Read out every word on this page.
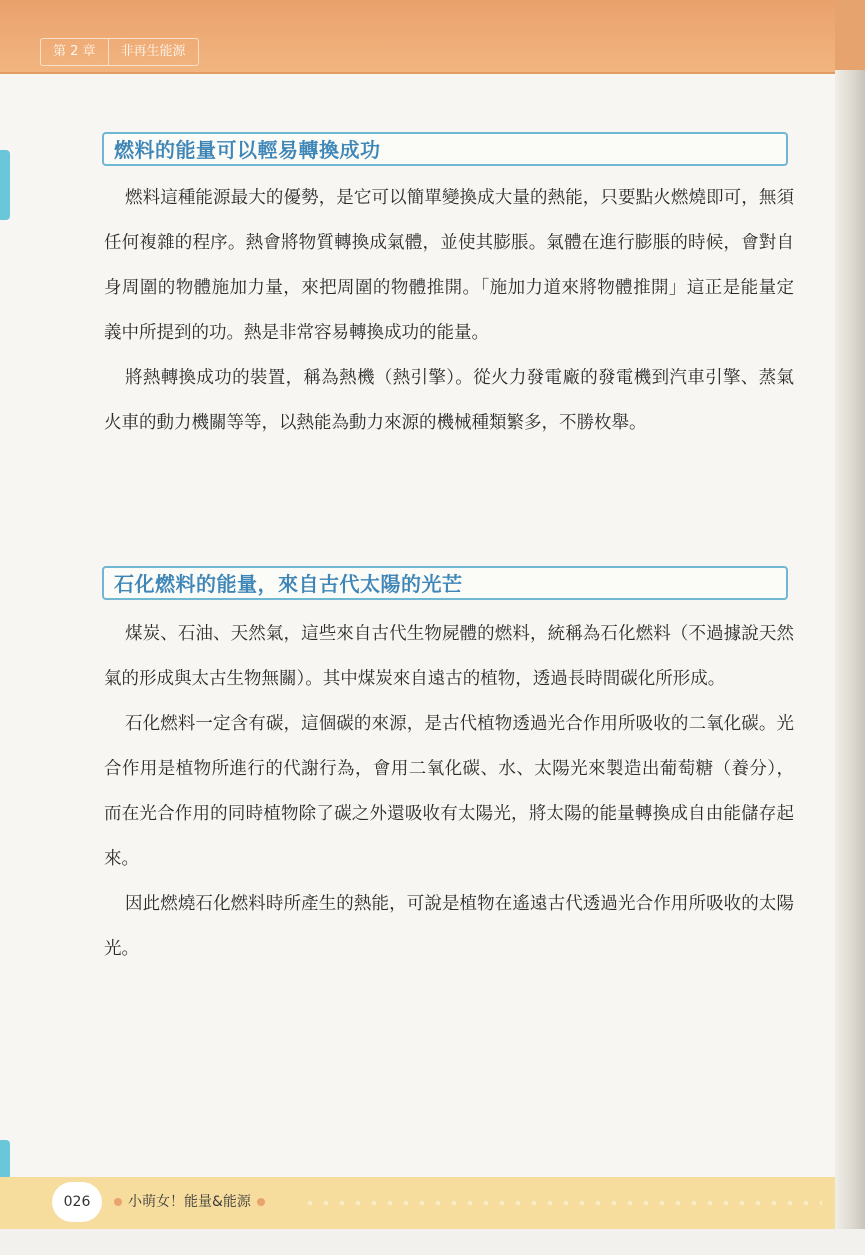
第 2 章	非再生能源
燃料的能量可以輕易轉換成功

燃料這種能源最大的優勢，是它可以簡單變換成大量的熱能，只要點火燃燒即可，無須任何複雜的程序。熱會將物質轉換成氣體，並使其膨脹。氣體在進行膨脹的時候，會對自身周圍的物體施加力量，來把周圍的物體推開。「施加力道來將物體推開」這正是能量定義中所提到的功。熱是非常容易轉換成功的能量。

將熱轉換成功的裝置，稱為熱機（熱引擎）。從火力發電廠的發電機到汽車引擎、蒸氣火車的動力機關等等，以熱能為動力來源的機械種類繁多，不勝枚舉。

石化燃料的能量，來自古代太陽的光芒

煤炭、石油、天然氣，這些來自古代生物屍體的燃料，統稱為石化燃料（不過據說天然氣的形成與太古生物無關）。其中煤炭來自遠古的植物，透過長時間碳化所形成。

石化燃料一定含有碳，這個碳的來源，是古代植物透過光合作用所吸收的二氧化碳。光合作用是植物所進行的代謝行為，會用二氧化碳、水、太陽光來製造出葡萄糖（養分），而在光合作用的同時植物除了碳之外還吸收有太陽光，將太陽的能量轉換成自由能儲存起來。

因此燃燒石化燃料時所產生的熱能，可說是植物在遙遠古代透過光合作用所吸收的太陽光。

026	小萌女！能量&能源
